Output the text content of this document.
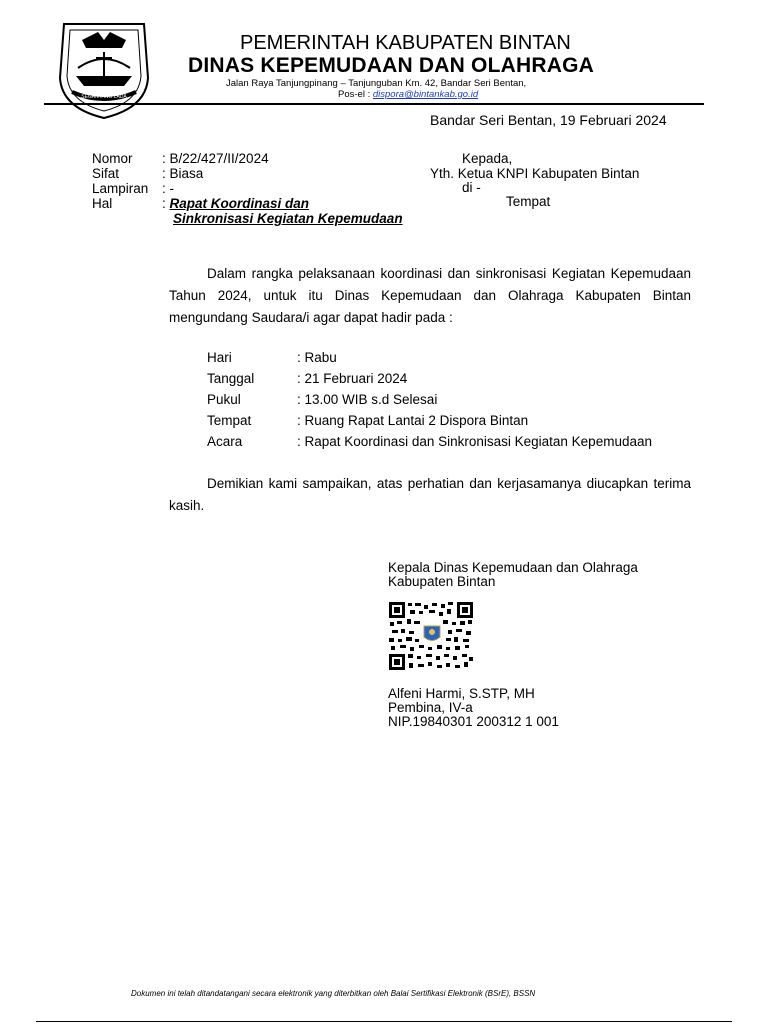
SEGANTANG LADA
PEMERINTAH KABUPATEN BINTAN
DINAS KEPEMUDAAN DAN OLAHRAGA
Jalan Raya Tanjungpinang – Tanjunguban Km. 42, Bandar Seri Bentan,
Pos-el : dispora@bintankab.go.id
Bandar Seri Bentan, 19 Februari 2024
Nomor	: B/22/427/II/2024
Sifat	: Biasa
Lampiran	: -
Hal	:
Rapat Koordinasi dan
Sinkronisasi Kegiatan Kepemudaan
Kepada,
Yth. Ketua KNPI Kabupaten Bintan
di -
Tempat
Dalam rangka pelaksanaan koordinasi dan sinkronisasi Kegiatan Kepemudaan Tahun 2024, untuk itu Dinas Kepemudaan dan Olahraga Kabupaten Bintan mengundang Saudara/i agar dapat hadir pada :
Hari	: Rabu
Tanggal	: 21 Februari 2024
Pukul	: 13.00 WIB s.d Selesai
Tempat	: Ruang Rapat Lantai 2 Dispora Bintan
Acara	: Rapat Koordinasi dan Sinkronisasi Kegiatan Kepemudaan
Demikian kami sampaikan, atas perhatian dan kerjasamanya diucapkan terima kasih.
Kepala Dinas Kepemudaan dan Olahraga
Kabupaten Bintan
Alfeni Harmi, S.STP, MH
Pembina, IV-a
NIP.19840301 200312 1 001
Dokumen ini telah ditandatangani secara elektronik yang diterbitkan oleh Balai Sertifikasi Elektronik (BSrE), BSSN
